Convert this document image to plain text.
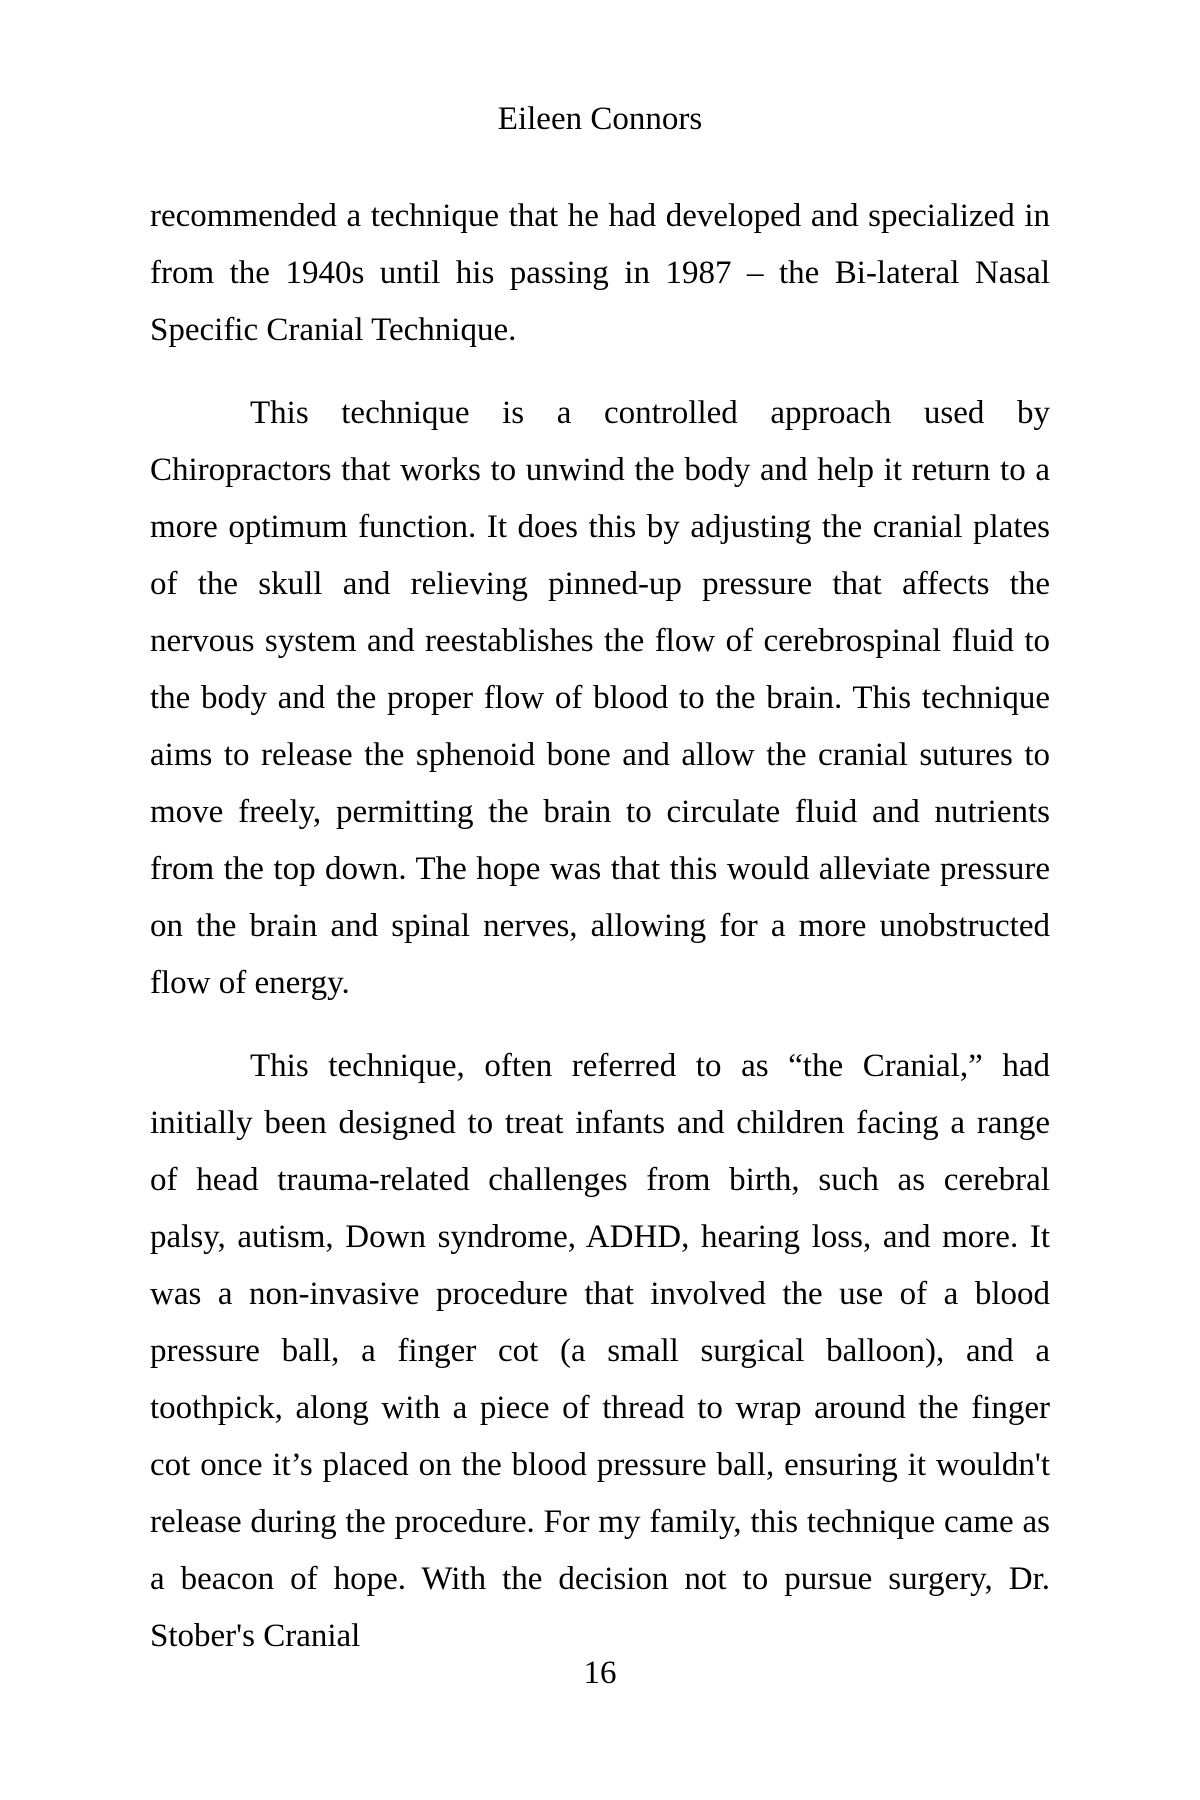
Eileen Connors

recommended a technique that he had developed and specialized in from the 1940s until his passing in 1987 – the Bi-lateral Nasal Specific Cranial Technique.

This technique is a controlled approach used by Chiropractors that works to unwind the body and help it return to a more optimum function. It does this by adjusting the cranial plates of the skull and relieving pinned-up pressure that affects the nervous system and reestablishes the flow of cerebrospinal fluid to the body and the proper flow of blood to the brain. This technique aims to release the sphenoid bone and allow the cranial sutures to move freely, permitting the brain to circulate fluid and nutrients from the top down. The hope was that this would alleviate pressure on the brain and spinal nerves, allowing for a more unobstructed flow of energy.

This technique, often referred to as “the Cranial,” had initially been designed to treat infants and children facing a range of head trauma-related challenges from birth, such as cerebral palsy, autism, Down syndrome, ADHD, hearing loss, and more. It was a non-invasive procedure that involved the use of a blood pressure ball, a finger cot (a small surgical balloon), and a toothpick, along with a piece of thread to wrap around the finger cot once it’s placed on the blood pressure ball, ensuring it wouldn't release during the procedure. For my family, this technique came as a beacon of hope. With the decision not to pursue surgery, Dr. Stober's Cranial

16
